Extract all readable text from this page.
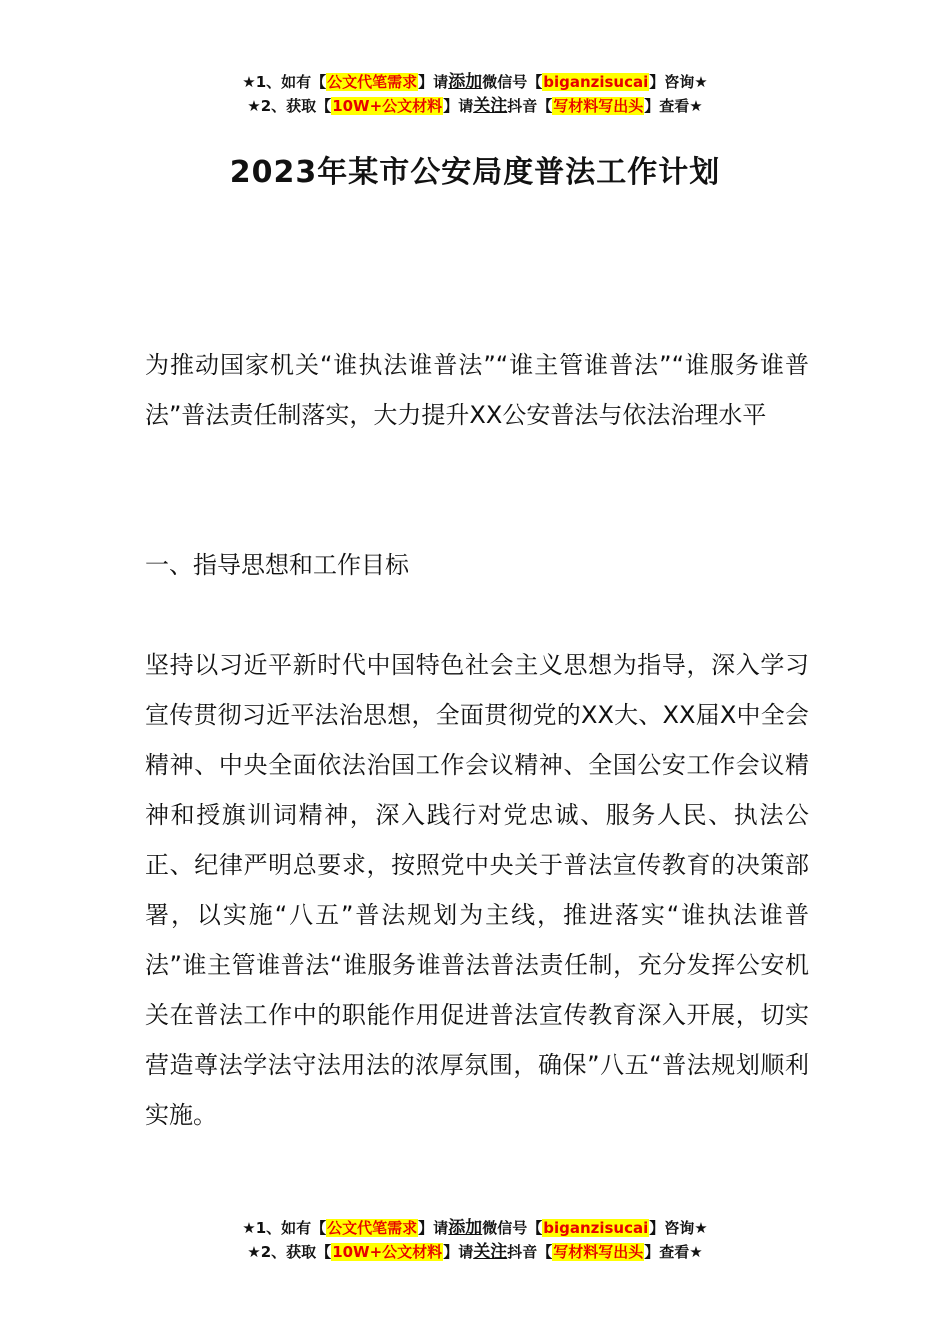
★1、如有【公文代笔需求】请添加微信号【biganzisucai】咨询★
★2、获取【10W+公文材料】请关注抖音【写材料写出头】查看★
2023年某市公安局度普法工作计划

为推动国家机关“谁执法谁普法”“谁主管谁普法”“谁服务谁普法”普法责任制落实，大力提升XX公安普法与依法治理水平

一、指导思想和工作目标

坚持以习近平新时代中国特色社会主义思想为指导，深入学习宣传贯彻习近平法治思想，全面贯彻党的XX大、XX届X中全会精神、中央全面依法治国工作会议精神、全国公安工作会议精神和授旗训词精神，深入践行对党忠诚、服务人民、执法公正、纪律严明总要求，按照党中央关于普法宣传教育的决策部署，以实施“八五”普法规划为主线，推进落实“谁执法谁普法”谁主管谁普法“谁服务谁普法普法责任制，充分发挥公安机关在普法工作中的职能作用促进普法宣传教育深入开展，切实营造尊法学法守法用法的浓厚氛围，确保”八五“普法规划顺利实施。

★1、如有【公文代笔需求】请添加微信号【biganzisucai】咨询★
★2、获取【10W+公文材料】请关注抖音【写材料写出头】查看★
